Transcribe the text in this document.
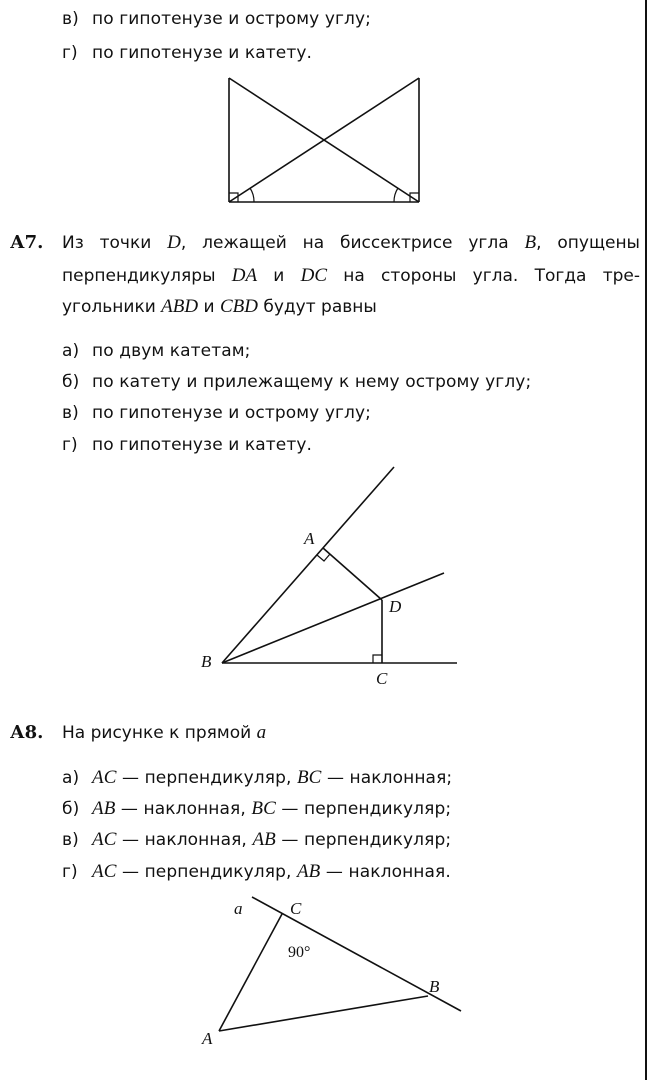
в) по гипотенузе и острому углу;
г) по гипотенузе и катету.
А7. Из точки D, лежащей на биссектрисе угла B, опущены
перпендикуляры DA и DC на стороны угла. Тогда тре-
угольники ABD и CBD будут равны
а) по двум катетам;
б) по катету и прилежащему к нему острому углу;
в) по гипотенузе и острому углу;
г) по гипотенузе и катету.
A
B
C
D
А8. На рисунке к прямой a
а) AC — перпендикуляр, BC — наклонная;
б) AB — наклонная, BC — перпендикуляр;
в) AC — наклонная, AB — перпендикуляр;
г) AC — перпендикуляр, AB — наклонная.
a	C
B
A
90°
